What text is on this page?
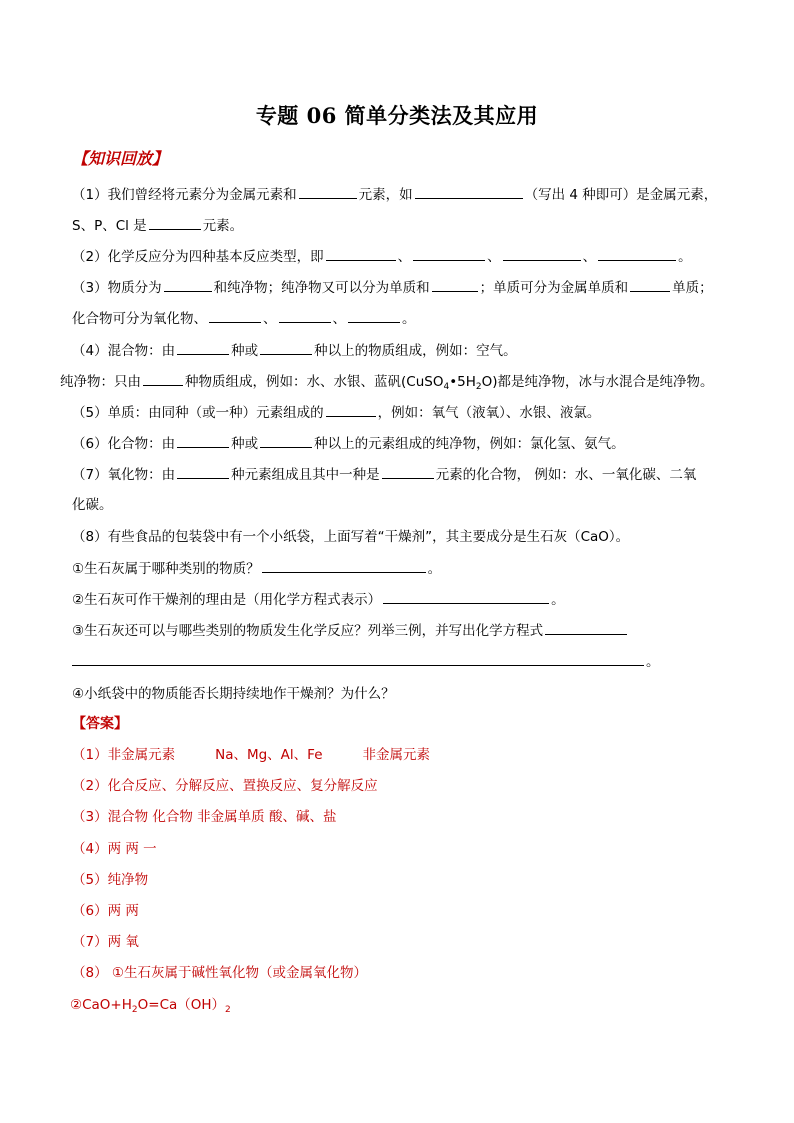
专题 06 简单分类法及其应用
【知识回放】
（1）我们曾经将元素分为金属元素和	元素，如	（写出 4 种即可）是金属元素，
S、P、Cl 是	元素。
（2）化学反应分为四种基本反应类型，即	、	、	、	。
（3）物质分为	和纯净物；纯净物又可以分为单质和	；单质可分为金属单质和	单质；
化合物可分为氧化物、	、	、	。
（4）混合物：由	种或	种以上的物质组成，例如：空气。
纯净物：只由	种物质组成，例如：水、水银、蓝矾$(CuSO_4•5H_2O)$都是纯净物，冰与水混合是纯净物。
（5）单质：由同种（或一种）元素组成的	，例如：氧气（液氧）、水银、液氯。
（6）化合物：由	种或	种以上的元素组成的纯净物，例如：氯化氢、氨气。
（7）氧化物：由	种元素组成且其中一种是	元素的化合物， 例如：水、一氧化碳、二氧
化碳。
（8）有些食品的包装袋中有一个小纸袋，上面写着“干燥剂”，其主要成分是生石灰（CaO）。
①生石灰属于哪种类别的物质？	。
②生石灰可作干燥剂的理由是（用化学方程式表示）	。
③生石灰还可以与哪些类别的物质发生化学反应？列举三例，并写出化学方程式
。
④小纸袋中的物质能否长期持续地作干燥剂？为什么？
【答案】
（1）非金属元素	Na、Mg、Al、Fe	非金属元素
（2）化合反应、分解反应、置换反应、复分解反应
（3）混合物 化合物 非金属单质 酸、碱、盐
（4）两 两 一
（5）纯净物
（6）两 两
（7）两 氧
（8） ①生石灰属于碱性氧化物（或金属氧化物）
$②CaO+H_2O=Ca(OH)_2$
